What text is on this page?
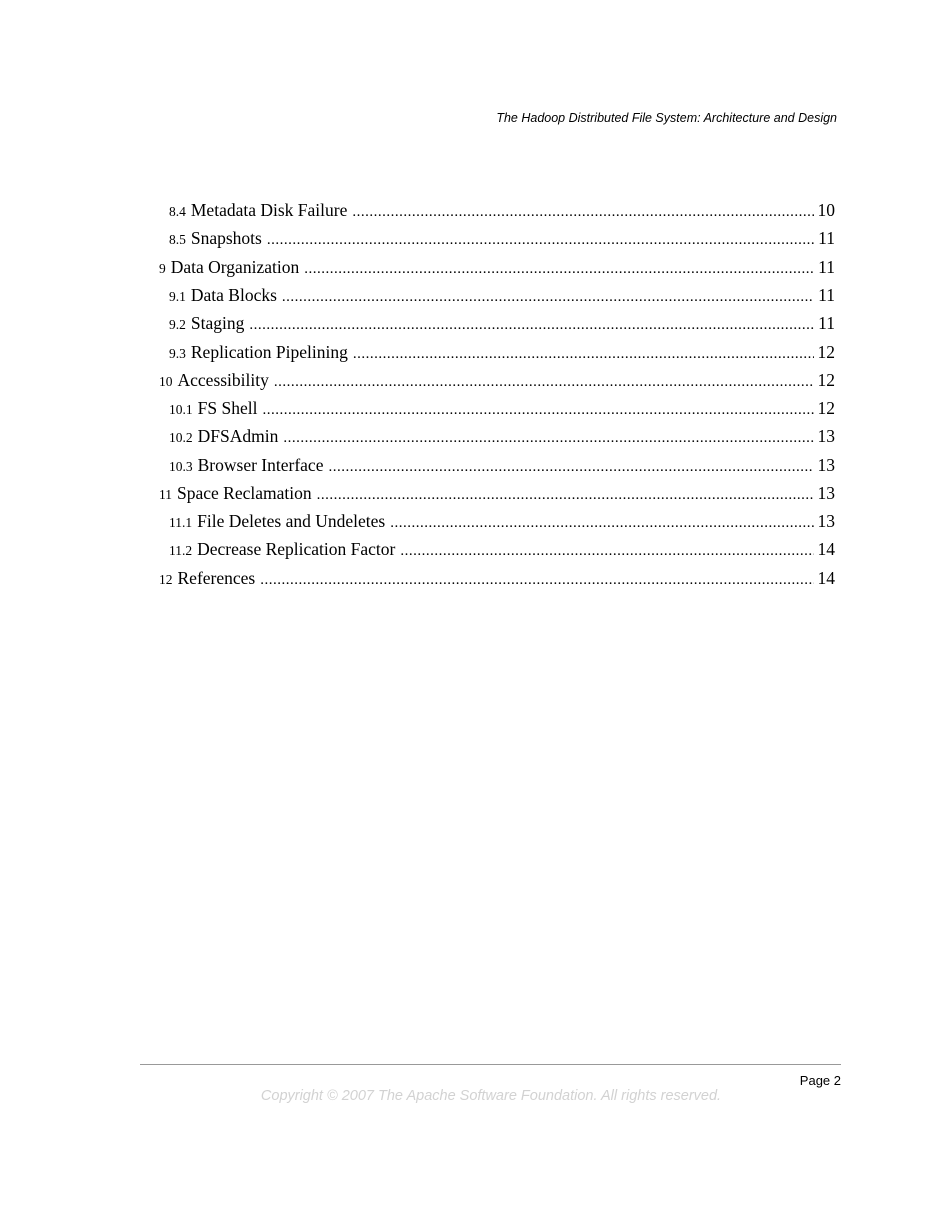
The Hadoop Distributed File System: Architecture and Design
8.4 Metadata Disk Failure .....	10
8.5 Snapshots .....	11
9 Data Organization .....	11
9.1 Data Blocks .....	11
9.2 Staging .....	11
9.3 Replication Pipelining .....	12
10 Accessibility .....	12
10.1 FS Shell .....	12
10.2 DFSAdmin .....	13
10.3 Browser Interface .....	13
11 Space Reclamation .....	13
11.1 File Deletes and Undeletes .....	13
11.2 Decrease Replication Factor .....	14
12 References .....	14
Page 2
Copyright © 2007 The Apache Software Foundation. All rights reserved.
